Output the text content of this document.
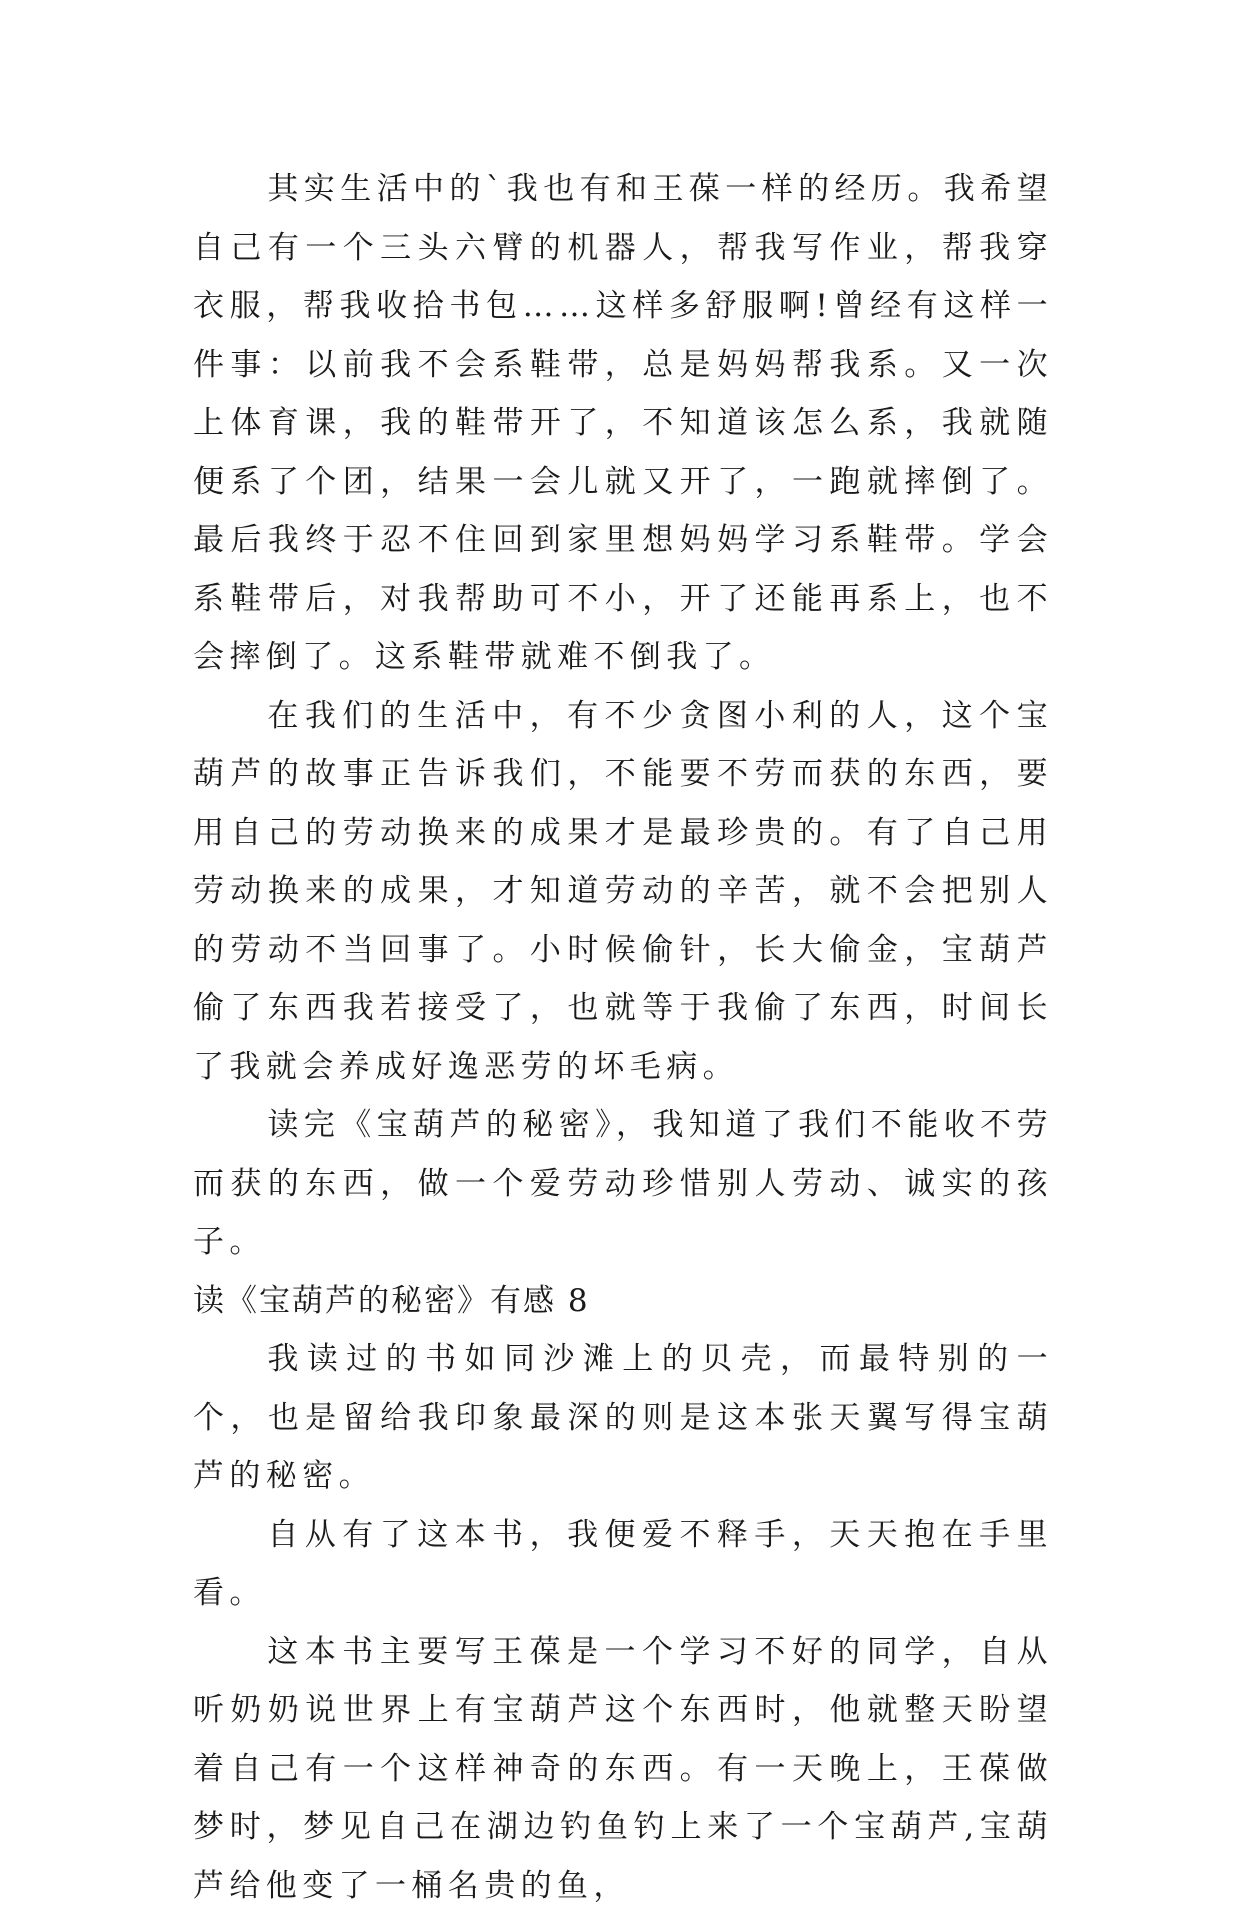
其实生活中的`我也有和王葆一样的经历。我希望自己有一个三头六臂的机器人，帮我写作业，帮我穿衣服，帮我收拾书包……这样多舒服啊!曾经有这样一件事：以前我不会系鞋带，总是妈妈帮我系。又一次上体育课，我的鞋带开了，不知道该怎么系，我就随便系了个团，结果一会儿就又开了，一跑就摔倒了。最后我终于忍不住回到家里想妈妈学习系鞋带。学会系鞋带后，对我帮助可不小，开了还能再系上，也不会摔倒了。这系鞋带就难不倒我了。

在我们的生活中，有不少贪图小利的人，这个宝葫芦的故事正告诉我们，不能要不劳而获的东西，要用自己的劳动换来的成果才是最珍贵的。有了自己用劳动换来的成果，才知道劳动的辛苦，就不会把别人的劳动不当回事了。小时候偷针，长大偷金，宝葫芦偷了东西我若接受了，也就等于我偷了东西，时间长了我就会养成好逸恶劳的坏毛病。

读完《宝葫芦的秘密》，我知道了我们不能收不劳而获的东西，做一个爱劳动珍惜别人劳动、诚实的孩子。

读《宝葫芦的秘密》有感 8

我读过的书如同沙滩上的贝壳，而最特别的一个，也是留给我印象最深的则是这本张天翼写得宝葫芦的秘密。

自从有了这本书，我便爱不释手，天天抱在手里看。

这本书主要写王葆是一个学习不好的同学，自从听奶奶说世界上有宝葫芦这个东西时，他就整天盼望着自己有一个这样神奇的东西。有一天晚上，王葆做梦时，梦见自己在湖边钓鱼钓上来了一个宝葫芦,宝葫芦给他变了一桶名贵的鱼，
